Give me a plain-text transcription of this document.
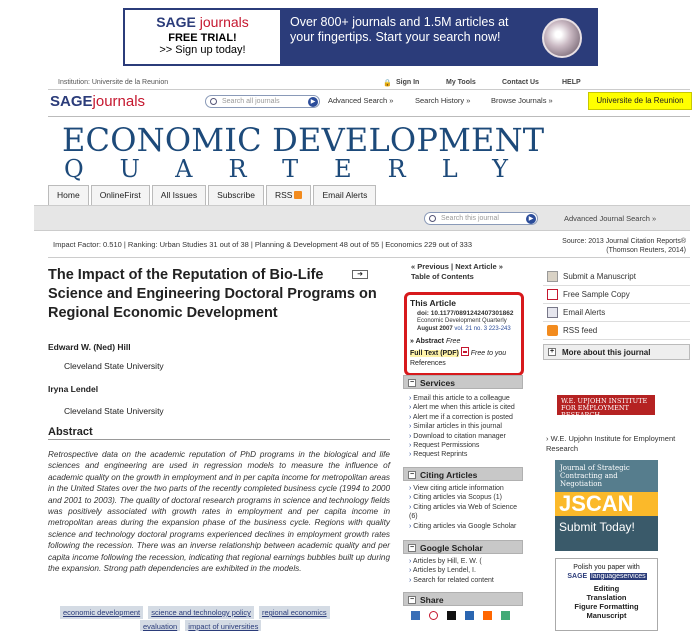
SAGE journals
FREE TRIAL!
>> Sign up today!
Over 800+ journals and 1.5M articles at your fingertips. Start your search now!
Institution: Universite de la Reunion	🔒 Sign In	My Tools	Contact Us	HELP
SAGEjournals	Search all journals	▶	Advanced Search »	Search History »	Browse Journals »	Universite de la Reunion
ECONOMIC DEVELOPMENT
QUARTERLY
Home	OnlineFirst	All Issues	Subscribe	RSS	Email Alerts
Search this journal	▶	Advanced Journal Search »
Impact Factor: 0.510 | Ranking: Urban Studies 31 out of 38 | Planning & Development 48 out of 55 | Economics 229 out of 333	Source: 2013 Journal Citation Reports®
(Thomson Reuters, 2014)
The Impact of the Reputation of Bio-Life Science and Engineering Doctoral Programs on Regional Economic Development
➜
Edward W. (Ned) Hill
Cleveland State University
Iryna Lendel
Cleveland State University
Abstract
Retrospective data on the academic reputation of PhD programs in the biological and life sciences and engineering are used in regression models to measure the influence of academic quality on the growth in employment and in per capita income for metropolitan areas in the United States over the two parts of the recently completed business cycle (1994 to 2000 and 2001 to 2003). The quality of doctoral research programs in science and technology fields was positively associated with growth rates in employment and per capita income in metropolitan areas during the expansion phase of the business cycle. Regions with quality science and technology doctoral programs experienced declines in employment growth rates following the recession. There was an inverse relationship between academic quality and per capita income following the recession, indicating that regional earnings bubbles built up during the expansion. Strong path dependencies are exhibited in the models.
economic development science and technology policy regional economics evaluation impact of universities
« Previous | Next Article »
Table of Contents
This Article
doi: 10.1177/0891242407301862
Economic Development Quarterly
August 2007 vol. 21 no. 3 223-243
» Abstract Free
Full Text (PDF) Free to you
References
− Services
› Email this article to a colleague
› Alert me when this article is cited
› Alert me if a correction is posted
› Similar articles in this journal
› Download to citation manager
› Request Permissions
› Request Reprints
− Citing Articles
› View citing article information
› Citing articles via Scopus (1)
› Citing articles via Web of Science (6)
› Citing articles via Google Scholar
− Google Scholar
› Articles by Hill, E. W. (
› Articles by Lendel, I.
› Search for related content
− Share
Submit a Manuscript
Free Sample Copy
Email Alerts
RSS feed
+ More about this journal
W.E. UPJOHN INSTITUTE FOR EMPLOYMENT RESEARCH
› W.E. Upjohn Institute for Employment Research
Journal of Strategic Contracting and Negotiation
JSCAN
Submit Today!
Polish you paper with
SAGE languageservices
Editing
Translation
Figure Formatting
Manuscript
